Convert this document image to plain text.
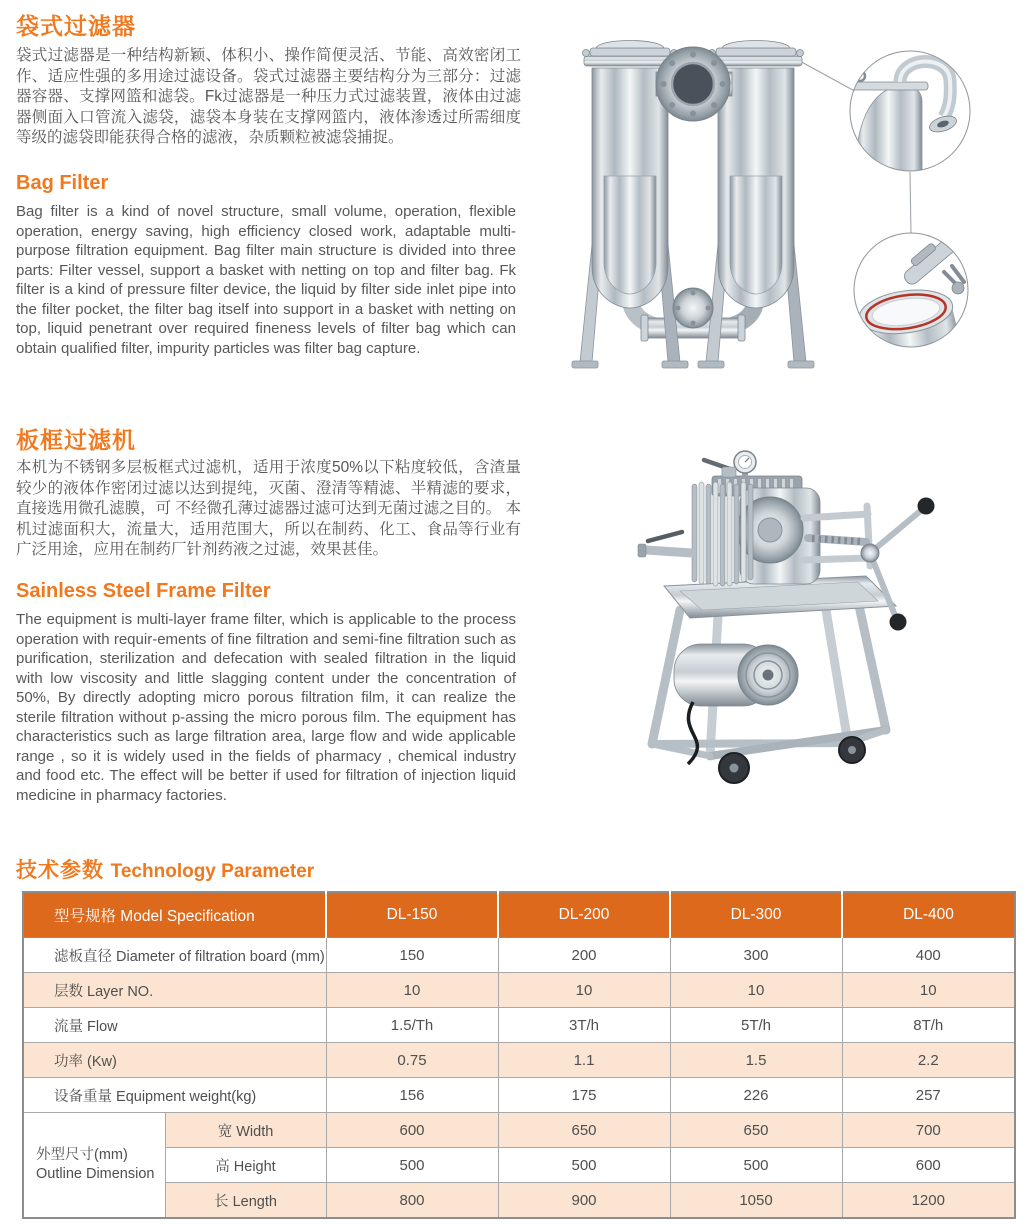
袋式过滤器

袋式过滤器是一种结构新颖、体积小、操作简便灵活、节能、高效密闭工作、适应性强的多用途过滤设备。袋式过滤器主要结构分为三部分：过滤器容器、支撑网篮和滤袋。Fk过滤器是一种压力式过滤装置，液体由过滤器侧面入口管流入滤袋，滤袋本身装在支撑网篮内，液体渗透过所需细度等级的滤袋即能获得合格的滤液，杂质颗粒被滤袋捕捉。

Bag Filter

Bag filter is a kind of novel structure, small volume, operation, flexible operation, energy saving, high efficiency closed work, adaptable multi-purpose filtration equipment. Bag filter main structure is divided into three parts: Filter vessel, support a basket with netting on top and filter bag. Fk filter is a kind of pressure filter device, the liquid by filter side inlet pipe into the filter pocket, the filter bag itself into support in a basket with netting on top, liquid penetrant over required fineness levels of filter bag which can obtain qualified filter, impurity particles was filter bag capture.

板框过滤机

本机为不锈钢多层板框式过滤机，适用于浓度50%以下粘度较低，含渣量较少的液体作密闭过滤以达到提纯，灭菌、澄清等精滤、半精滤的要求，直接选用微孔滤膜，可 不经微孔薄过滤器过滤可达到无菌过滤之目的。 本机过滤面积大，流量大，适用范围大，所以在制药、化工、食品等行业有广泛用途，应用在制药厂针剂药液之过滤，效果甚佳。

Sainless Steel Frame Filter

The equipment is multi-layer frame filter, which is applicable to the process operation with requir-ements of fine filtration and semi-fine filtration such as purification, sterilization and defecation with sealed filtration in the liquid with low viscosity and little slagging content under the concentration of 50%, By directly adopting micro porous filtration film, it can realize the sterile filtration without p-assing the micro porous film. The equipment has characteristics such as large filtration area, large flow and wide applicable range , so it is widely used in the fields of pharmacy , chemical industry and food etc. The effect will be better if used for filtration of injection liquid medicine in pharmacy factories.

技术参数 Technology Parameter
型号规格 Model Specification		DL-150	DL-200	DL-300	DL-400
滤板直径 Diameter of filtration board (mm)		150	200	300	400
层数 Layer NO.		10	10	10	10
流量 Flow		1.5/Th	3T/h	5T/h	8T/h
功率 (Kw)		0.75	1.1	1.5	2.2
设备重量 Equipment weight(kg)		156	175	226	257
外型尺寸(mm)
Outline Dimension	宽 Width	600	650	650	700
	高 Height	500	500	500	600
	长 Length	800	900	1050	1200
